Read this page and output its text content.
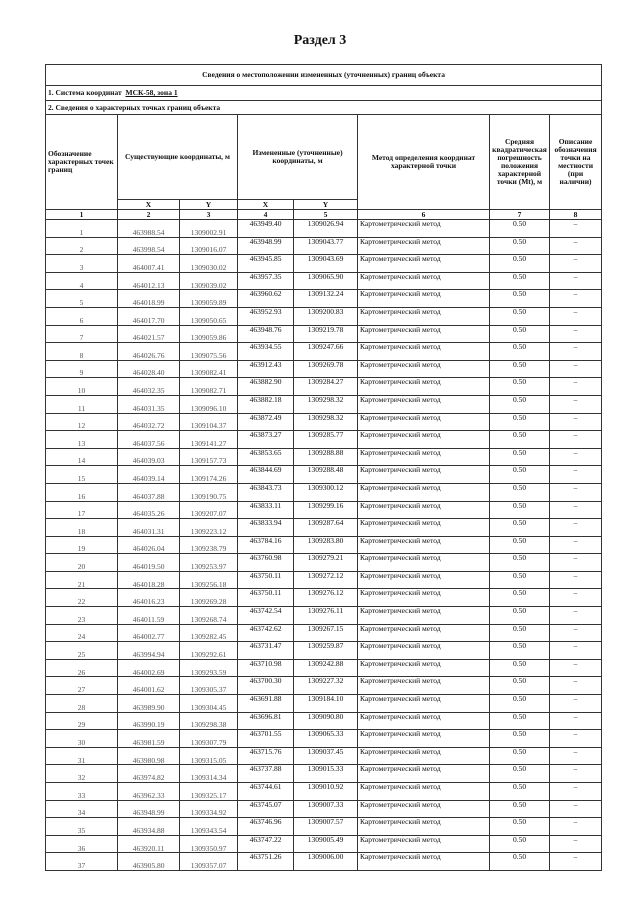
Раздел 3
Сведения о местоположении измененных (уточненных) границ объекта							
1. Система координат МСК-58, зона 1							
2. Сведения о характерных точках границ объекта							
Обозначение характерных точек границ	Существующие координаты, м		Измененные (уточненные) координаты, м		Метод определения координат характерной точки	Средняя квадратическая погрешность положения характерной точки (Mt), м	Описание обозначения точки на местности (при наличии)
	X	Y	X	Y			
1	2	3	4	5	6	7	8
1	463988.54	1309002.91	463949.40	1309026.94	Картометрический метод	0.50	–
2	463998.54	1309016.07	463948.99	1309043.77	Картометрический метод	0.50	–
3	464007.41	1309030.02	463945.85	1309043.69	Картометрический метод	0.50	–
4	464012.13	1309039.02	463957.35	1309065.90	Картометрический метод	0.50	–
5	464018.99	1309059.89	463960.62	1309132.24	Картометрический метод	0.50	–
6	464017.70	1309050.65	463952.93	1309200.83	Картометрический метод	0.50	–
7	464021.57	1309059.86	463948.76	1309219.78	Картометрический метод	0.50	–
8	464026.76	1309075.56	463934.55	1309247.66	Картометрический метод	0.50	–
9	464028.40	1309082.41	463912.43	1309269.78	Картометрический метод	0.50	–
10	464032.35	1309082.71	463882.90	1309284.27	Картометрический метод	0.50	–
11	464031.35	1309096.10	463882.18	1309298.32	Картометрический метод	0.50	–
12	464032.72	1309104.37	463872.49	1309298.32	Картометрический метод	0.50	–
13	464037.56	1309141.27	463873.27	1309285.77	Картометрический метод	0.50	–
14	464039.03	1309157.73	463853.65	1309288.88	Картометрический метод	0.50	–
15	464039.14	1309174.26	463844.69	1309288.48	Картометрический метод	0.50	–
16	464037.88	1309190.75	463843.73	1309300.12	Картометрический метод	0.50	–
17	464035.26	1309207.07	463833.11	1309299.16	Картометрический метод	0.50	–
18	464031.31	1309223.12	463833.94	1309287.64	Картометрический метод	0.50	–
19	464026.04	1309238.79	463784.16	1309283.80	Картометрический метод	0.50	–
20	464019.50	1309253.97	463760.98	1309279.21	Картометрический метод	0.50	–
21	464018.28	1309256.18	463750.11	1309272.12	Картометрический метод	0.50	–
22	464016.23	1309269.28	463750.11	1309276.12	Картометрический метод	0.50	–
23	464011.59	1309268.74	463742.54	1309276.11	Картометрический метод	0.50	–
24	464002.77	1309282.45	463742.62	1309267.15	Картометрический метод	0.50	–
25	463994.94	1309292.61	463731.47	1309259.87	Картометрический метод	0.50	–
26	464002.69	1309293.59	463710.98	1309242.88	Картометрический метод	0.50	–
27	464001.62	1309305.37	463700.30	1309227.32	Картометрический метод	0.50	–
28	463989.90	1309304.45	463691.88	1309184.10	Картометрический метод	0.50	–
29	463990.19	1309298.38	463696.81	1309090.80	Картометрический метод	0.50	–
30	463981.59	1309307.79	463701.55	1309065.33	Картометрический метод	0.50	–
31	463980.98	1309315.05	463715.76	1309037.45	Картометрический метод	0.50	–
32	463974.82	1309314.34	463737.88	1309015.33	Картометрический метод	0.50	–
33	463962.33	1309325.17	463744.61	1309010.92	Картометрический метод	0.50	–
34	463948.99	1309334.92	463745.07	1309007.33	Картометрический метод	0.50	–
35	463934.88	1309343.54	463746.96	1309007.57	Картометрический метод	0.50	–
36	463920.11	1309350.97	463747.22	1309005.49	Картометрический метод	0.50	–
37	463905.80	1309357.07	463751.26	1309006.00	Картометрический метод	0.50	–
